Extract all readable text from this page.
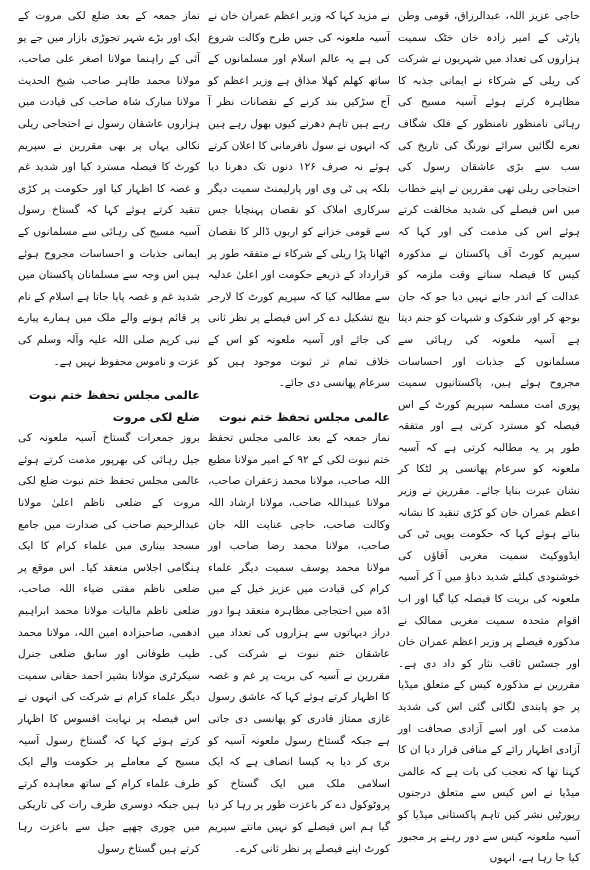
حاجی عزیز اللہ، عبدالرزاق، قومی وطن پارٹی کے امیر زادہ خان خٹک سمیت ہزاروں کی تعداد میں شہریوں نے شرکت کی ریلی کے شرکاء نے ایمانی جذبہ کا مظاہرہ کرتے ہوئے آسیہ مسیح کی رہائی نامنظور نامنظور کے فلک شگاف نعرے لگائیں سرائے نورنگ کی تاریخ کی سب سے بڑی عاشقان رسول کی احتجاجی ریلی تھی مقررین نے اپنے خطاب میں اس فیصلے کی شدید مخالفت کرتے ہوئے اس کی مذمت کی اور کہا کہ سپریم کورٹ آف پاکستان نے مذکورہ کیس کا فیصلہ سناتے وقت ملزمہ کو عدالت کے اندر جانے نہیں دیا جو کہ جان بوجھ کر اور شکوک و شبہات کو جنم دیتا ہے آسیہ ملعونہ کی رہائی سے مسلمانوں کے جذبات اور احساسات مجروح ہوئے ہیں، پاکستانیوں سمیت پوری امت مسلمہ سپریم کورٹ کے اس فیصلہ کو مسترد کرتی ہے اور متفقہ طور پر یہ مطالبہ کرتی ہے کہ آسیہ ملعونہ کو سرعام پھانسی پر لٹکا کر نشان عبرت بنایا جائے۔ مقررین نے وزیر اعظم عمران خان کو کڑی تنقید کا نشانہ بناتے ہوئے کہا کہ حکومت یوپی ٹی کی ایڈووکیٹ سمیت مغربی آقاؤں کی خوشنودی کیلئے شدید دباؤ میں آ کر آسیہ ملعونہ کی بریت کا فیصلہ کیا گیا اور اب اقوام متحدہ سمیت مغربی ممالک نے مذکورہ فیصلے پر وزیر اعظم عمران خان اور جسٹس ثاقب نثار کو داد دی ہے۔ مقررین نے مذکورہ کیس کے متعلق میڈیا پر جو پابندی لگائی گئی اس کی شدید مذمت کی اور اسے آزادی صحافت اور آزادی اظہار رائے کے منافی قرار دیا ان کا کہنا تھا کہ تعجب کی بات ہے کہ عالمی میڈیا نے اس کیس سے متعلق درجنوں رپورٹیں نشر کیں تاہم پاکستانی میڈیا کو آسیہ ملعونہ کیس سے دور رہنے پر مجبور کیا جا رہا ہے، انہوں

نے مزید کہا کہ وزیر اعظم عمران خان نے آسیہ ملعونہ کی جس طرح وکالت شروع کی ہے یہ عالم اسلام اور مسلمانوں کے ساتھ کھلم کھلا مذاق ہے وزیر اعظم کو آج سڑکیں بند کرنے کے نقصانات نظر آ رہے ہیں تاہم دھرنے کیوں بھول رہے ہیں کہ انہوں نے سول نافرمانی کا اعلان کرتے ہوئے نہ صرف ۱۲۶ دنوں تک دھرنا دیا بلکہ پی ٹی وی اور پارلیمنٹ سمیت دیگر سرکاری املاک کو نقصان پہنچایا جس سے قومی خزانے کو اربوں ڈالر کا نقصان اٹھانا پڑا ریلی کے شرکاء نے متفقہ طور پر قرارداد کے ذریعے حکومت اور اعلیٰ عدلیہ سے مطالبہ کیا کہ سپریم کورٹ کا لارجر بنچ تشکیل دے کر اس فیصلے پر نظر ثانی کی جائے اور آسیہ ملعونہ کو اس کے خلاف تمام تر ثبوت موجود ہیں کو سرعام پھانسی دی جائے۔

عالمی مجلس تحفظ ختم نبوت

نماز جمعہ کے بعد عالمی مجلس تحفظ ختم نبوت لکی کے ۹۲ کے امیر مولانا مطیع اللہ صاحب، مولانا محمد زعفران صاحب، مولانا عبیداللہ صاحب، مولانا ارشاد اللہ وکالت صاحب، حاجی عنایت اللہ جان صاحب، مولانا محمد رضا صاحب اور مولانا محمد یوسف سمیت دیگر علماء کرام کی قیادت میں عزیز خیل کے میں اڈہ میں احتجاجی مظاہرہ منعقد ہوا دور دراز دیہاتوں سے ہزاروں کی تعداد میں عاشقان ختم نبوت نے شرکت کی۔ مقررین نے آسیہ کی بریت پر غم و غصہ کا اظہار کرتے ہوئے کہا کہ عاشق رسول غازی ممتاز قادری کو پھانسی دی جاتی ہے جبکہ گستاخ رسول ملعونہ آسیہ کو بری کر دیا یہ کیسا انصاف ہے کہ ایک اسلامی ملک میں ایک گستاخ کو پروٹوکول دے کر باعزت طور پر رہا کر دیا گیا ہم اس فیصلے کو نہیں مانتے سپریم کورٹ اپنے فیصلے پر نظر ثانی کرے۔

نماز جمعہ کے بعد ضلع لکی مروت کے ایک اور بڑے شہر تجوڑی بازار میں جے یو آئی کے راہنما مولانا اصغر علی صاحب، مولانا محمد طاہر صاحب شیخ الحدیث مولانا مبارک شاہ صاحب کی قیادت میں ہزاروں عاشقان رسول نے احتجاجی ریلی نکالی یہاں پر بھی مقررین نے سپریم کورٹ کا فیصلہ مسترد کیا اور شدید غم و غصہ کا اظہار کیا اور حکومت پر کڑی تنقید کرتے ہوئے کہا کہ گستاخ رسول آسیہ مسیح کی رہائی سے مسلمانوں کے ایمانی جذبات و احساسات مجروح ہوئے ہیں اس وجہ سے مسلمانان پاکستان میں شدید غم و غصہ پایا جاتا ہے اسلام کے نام پر قائم ہونے والے ملک میں ہمارے پیارے نبی کریم صلی اللہ علیہ وآلہ وسلم کی عزت و ناموس محفوظ نہیں ہے۔

عالمی مجلس تحفظ ختم نبوت ضلع لکی مروت

بروز جمعرات گستاخ آسیہ ملعونہ کی جیل رہائی کی بھرپور مذمت کرتے ہوئے عالمی مجلس تحفظ ختم نبوت ضلع لکی مروت کے ضلعی ناظم اعلیٰ مولانا عبدالرحیم صاحب کی صدارت میں جامع مسجد بیناری میں علماء کرام کا ایک ہنگامی اجلاس منعقد کیا۔ اس موقع پر ضلعی ناظم مفتی ضیاء اللہ صاحب، ضلعی ناظم مالیات مولانا محمد ابراہیم ادھمی، صاحبزادہ امین اللہ، مولانا محمد طیب طوفانی اور سابق ضلعی جنرل سیکرٹری مولانا بشیر احمد حقانی سمیت دیگر علماء کرام نے شرکت کی انہوں نے اس فیصلہ پر نہایت افسوس کا اظہار کرتے ہوئے کہا کہ گستاخ رسول آسیہ مسیح کے معاملے پر حکومت والے ایک طرف علماء کرام کے ساتھ معاہدہ کرتے ہیں جبکہ دوسری طرف رات کی تاریکی میں چوری چھپے جیل سے باعزت رہا کرتے ہیں گستاخ رسول
